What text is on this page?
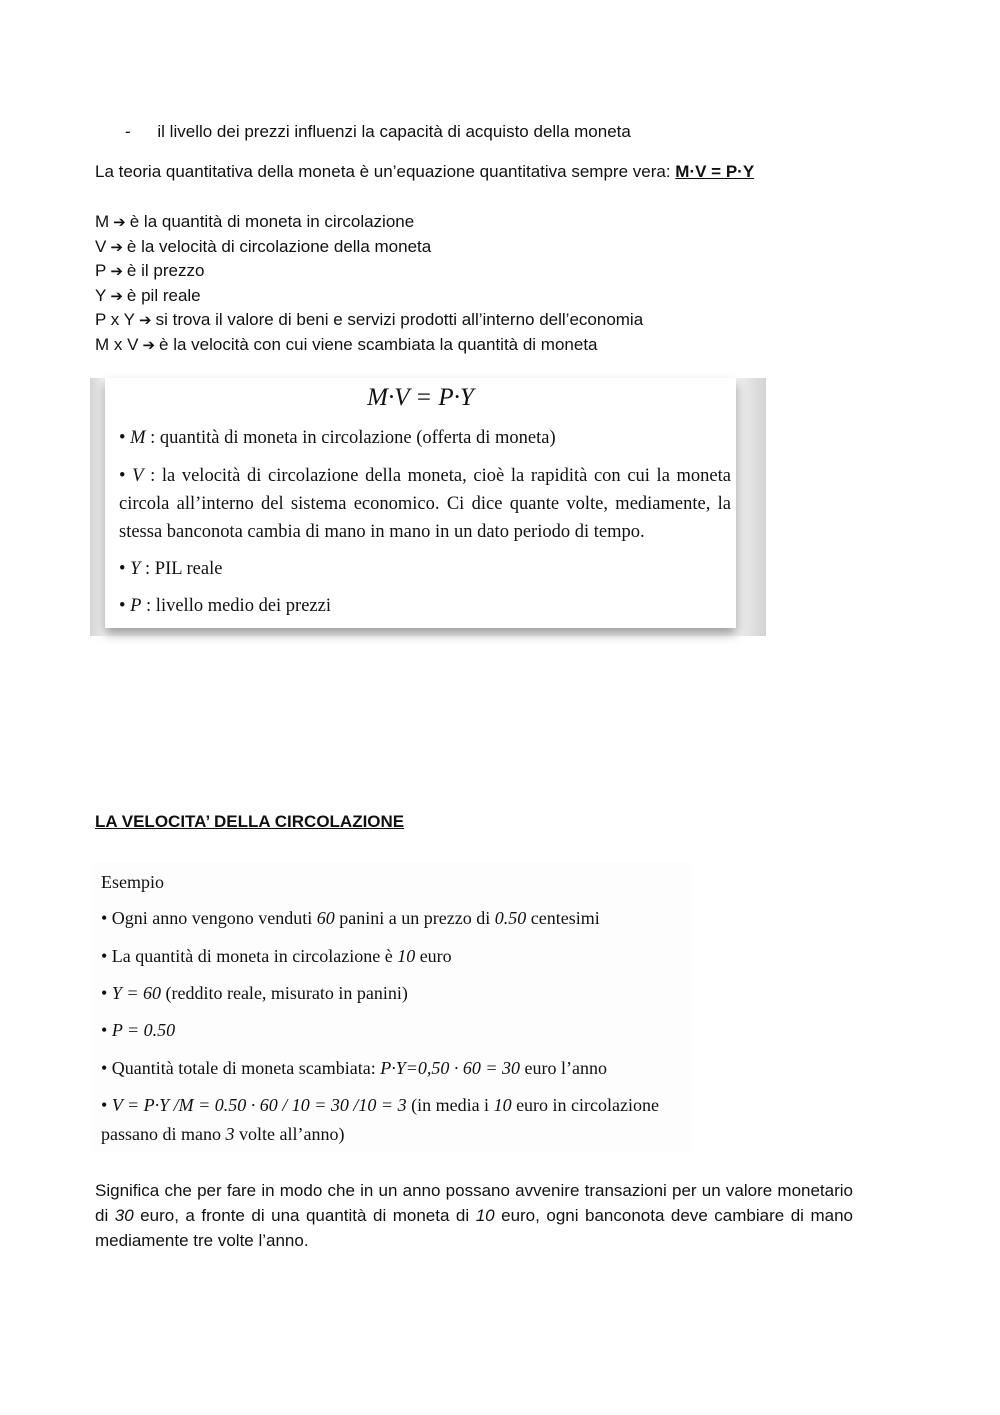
- il livello dei prezzi influenzi la capacità di acquisto della moneta
La teoria quantitativa della moneta è un’equazione quantitativa sempre vera: M·V = P·Y
M ➔ è la quantità di moneta in circolazione
V ➔ è la velocità di circolazione della moneta
P ➔ è il prezzo
Y ➔ è pil reale
P x Y ➔ si trova il valore di beni e servizi prodotti all’interno dell’economia
M x V ➔ è la velocità con cui viene scambiata la quantità di moneta
M·V = P·Y
• M : quantità di moneta in circolazione (offerta di moneta)
• V : la velocità di circolazione della moneta, cioè la rapidità con cui la moneta circola all’interno del sistema economico. Ci dice quante volte, mediamente, la stessa banconota cambia di mano in mano in un dato periodo di tempo.
• Y : PIL reale
• P : livello medio dei prezzi
LA VELOCITA’ DELLA CIRCOLAZIONE
Esempio
• Ogni anno vengono venduti 60 panini a un prezzo di 0.50 centesimi
• La quantità di moneta in circolazione è 10 euro
• Y = 60 (reddito reale, misurato in panini)
• P = 0.50
• Quantità totale di moneta scambiata: P·Y=0,50 · 60 = 30 euro l’anno
• V = P·Y /M = 0.50 · 60 / 10 = 30 /10 = 3 (in media i 10 euro in circolazione
passano di mano 3 volte all’anno)
Significa che per fare in modo che in un anno possano avvenire transazioni per un valore monetario di 30 euro, a fronte di una quantità di moneta di 10 euro, ogni banconota deve cambiare di mano mediamente tre volte l’anno.
